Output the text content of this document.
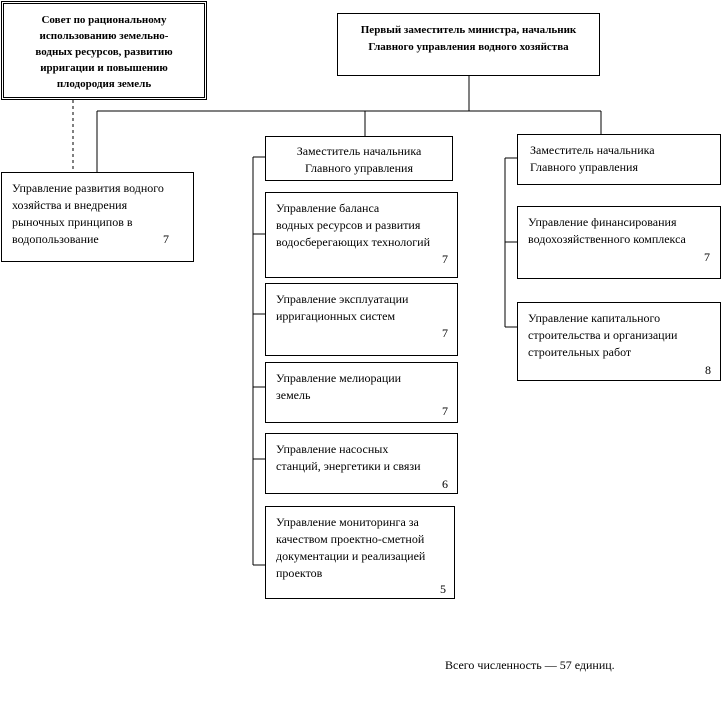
Совет по рациональному
использованию земельно-
водных ресурсов, развитию
ирригации и повышению
плодородия земель
Первый заместитель министра, начальник
Главного управления водного хозяйства
Управление развития водного
хозяйства и внедрения
рыночных принципов в
водопользование	7
Заместитель начальника
Главного управления
Управление баланса
водных ресурсов и развития
водосберегающих технологий
7
Управление эксплуатации
ирригационных систем
7
Управление мелиорации
земель
7
Управление насосных
станций, энергетики и связи
6
Управление мониторинга за
качеством проектно-сметной
документации и реализацией
проектов
5
Заместитель начальника
Главного управления
Управление финансирования
водохозяйственного комплекса
7
Управление капитального
строительства и организации
строительных работ
8
Всего численность — 57 единиц.
